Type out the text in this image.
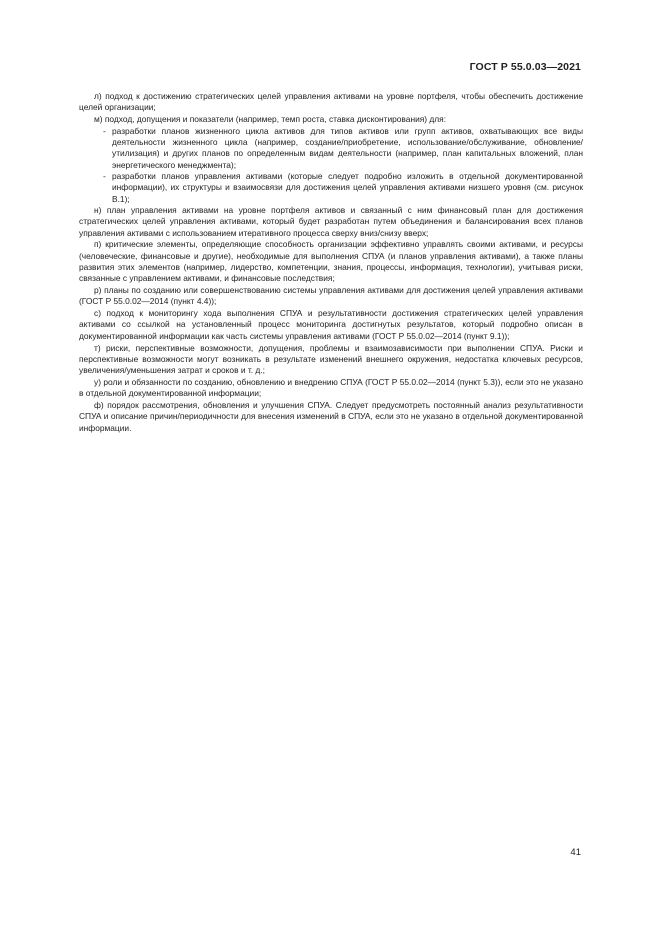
ГОСТ Р 55.0.03—2021

л) подход к достижению стратегических целей управления активами на уровне портфеля, чтобы обеспечить достижение целей организации;

м) подход, допущения и показатели (например, темп роста, ставка дисконтирования) для:

- разработки планов жизненного цикла активов для типов активов или групп активов, охватывающих все виды деятельности жизненного цикла (например, создание/приобретение, использование/обслуживание, обновление/утилизация) и других планов по определенным видам деятельности (например, план капитальных вложений, план энергетического менеджмента);
- разработки планов управления активами (которые следует подробно изложить в отдельной документированной информации), их структуры и взаимосвязи для достижения целей управления активами низшего уровня (см. рисунок В.1);

н) план управления активами на уровне портфеля активов и связанный с ним финансовый план для достижения стратегических целей управления активами, который будет разработан путем объединения и балансирования всех планов управления активами с использованием итеративного процесса сверху вниз/снизу вверх;

п) критические элементы, определяющие способность организации эффективно управлять своими активами, и ресурсы (человеческие, финансовые и другие), необходимые для выполнения СПУА (и планов управления активами), а также планы развития этих элементов (например, лидерство, компетенции, знания, процессы, информация, технологии), учитывая риски, связанные с управлением активами, и финансовые последствия;

р) планы по созданию или совершенствованию системы управления активами для достижения целей управления активами (ГОСТ Р 55.0.02—2014 (пункт 4.4));

с) подход к мониторингу хода выполнения СПУА и результативности достижения стратегических целей управления активами со ссылкой на установленный процесс мониторинга достигнутых результатов, который подробно описан в документированной информации как часть системы управления активами (ГОСТ Р 55.0.02—2014 (пункт 9.1));

т) риски, перспективные возможности, допущения, проблемы и взаимозависимости при выполнении СПУА. Риски и перспективные возможности могут возникать в результате изменений внешнего окружения, недостатка ключевых ресурсов, увеличения/уменьшения затрат и сроков и т. д.;

у) роли и обязанности по созданию, обновлению и внедрению СПУА (ГОСТ Р 55.0.02—2014 (пункт 5.3)), если это не указано в отдельной документированной информации;

ф) порядок рассмотрения, обновления и улучшения СПУА. Следует предусмотреть постоянный анализ результативности СПУА и описание причин/периодичности для внесения изменений в СПУА, если это не указано в отдельной документированной информации.

41
